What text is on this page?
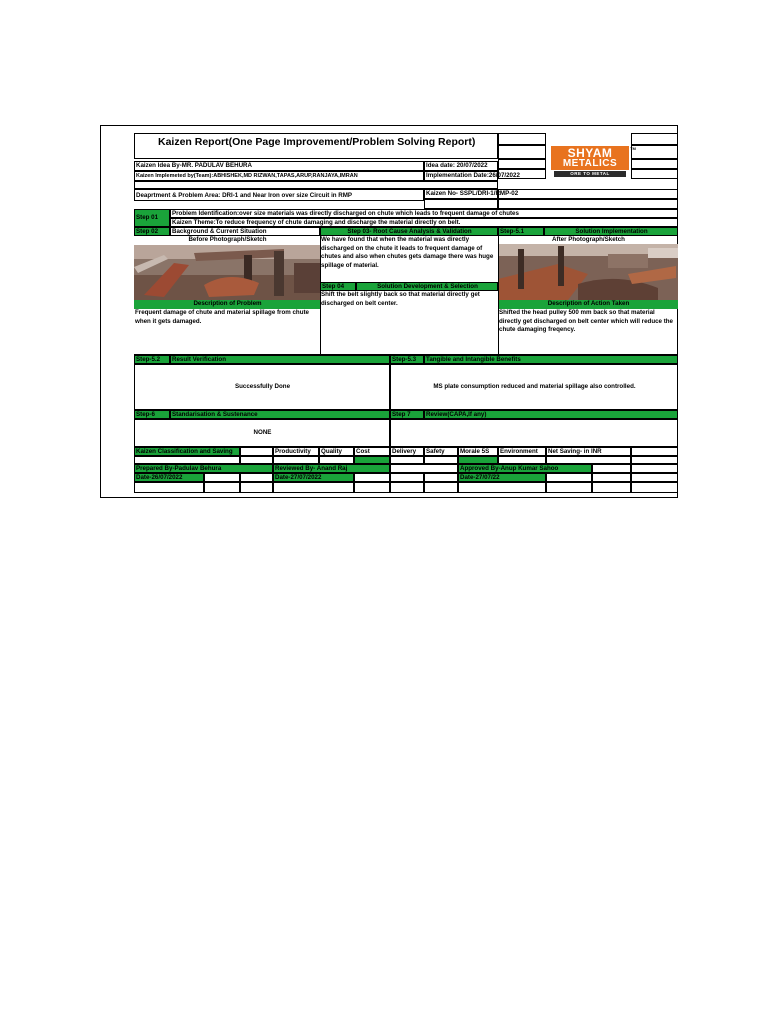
Kaizen Report(One Page Improvement/Problem Solving Report)
SHYAM
METALICS
ORE TO METAL
TM
Kaizen Idea By-MR. PADULAV BEHURA	Idea date: 20/07/2022
Kaizen Implemeted by(Team):ABHISHEK,MD RIZWAN,TAPAS,ARUP,RANJAYA,IMRAN	Implementation Date:26/07/2022
Deaprtment & Problem Area: DRI-1 and Near Iron over size Circuit in RMP	Kaizen No- SSPL/DRI-1/RMP-02
Step 01
Problem Identification:over size materials was directly discharged on chute which leads to frequent damage of chutes
Kaizen Theme:To reduce frequency of chute damaging and discharge the material directly on belt.
Step 02	Background & Current Situation	Step 03- Root Cause Analysis & Validation	Step-5.1	Solution Implementation
Before Photograph/Sketch
Description of Problem
Frequent damage of chute and material spillage from chute when it gets damaged.
We have found that when the material was directly discharged on the chute it leads to frequent damage of chutes and also when chutes gets damage there was huge spillage of material.
Step 04	Solution Development & Selection
Shift the belt slightly back so that material directly get discharged on belt center.
After Photograph/Sketch
Description of Action Taken
Shifted the head pulley 500 mm back so that material directly get discharged on belt center which will reduce the chute damaging freqency.
Step-5.2	Result Verification	Step-5.3	Tangible and Intangible Benefits
Successfully Done	MS plate consumption reduced and material spillage also controlled.
Step-6	Standarisation & Sustenance	Step 7	Review(CAPA,If any)
NONE
Kaizen Classification and Saving	Productivity	Quality	Cost	Delivery	Safety	Morale 5S	Environment	Net Saving- in INR
Prepared By-Padulav Behura	Reviewed By- Anand Raj	Approved By-Anup Kumar Sahoo
Date-26/07/2022	Date-27/07/2022	Date-27/07/22
